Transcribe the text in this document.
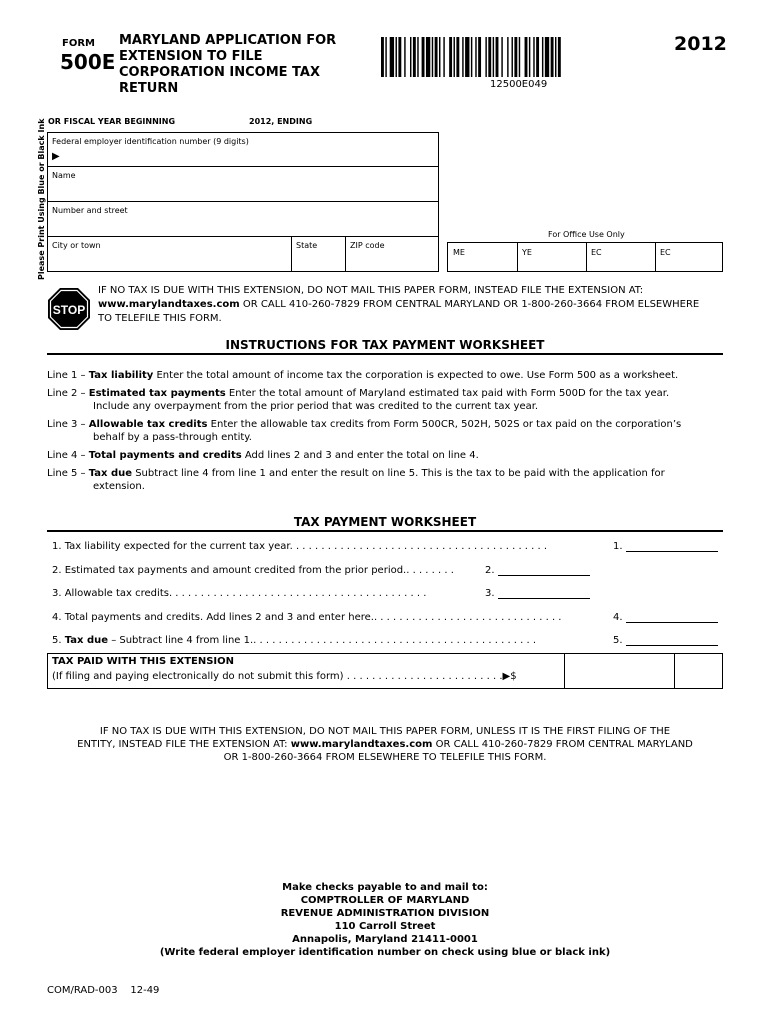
FORM
500E
MARYLAND APPLICATION FOR
EXTENSION TO FILE
CORPORATION INCOME TAX
RETURN	12500E049
2012
OR FISCAL YEAR BEGINNING	2012, ENDING
Please Print Using Blue or Black Ink Federal employer identification number (9 digits)
▶
Name
Number and street
City or town	State	ZIP code
For Office Use Only
ME	YE	EC	EC
STOP
IF NO TAX IS DUE WITH THIS EXTENSION, DO NOT MAIL THIS PAPER FORM, INSTEAD FILE THE EXTENSION AT:
www.marylandtaxes.com OR CALL 410-260-7829 FROM CENTRAL MARYLAND OR 1-800-260-3664 FROM ELSEWHERE
TO TELEFILE THIS FORM.
INSTRUCTIONS FOR TAX PAYMENT WORKSHEET
Line 1 – Tax liability Enter the total amount of income tax the corporation is expected to owe. Use Form 500 as a worksheet.
Line 2 – Estimated tax payments Enter the total amount of Maryland estimated tax paid with Form 500D for the tax year.
Include any overpayment from the prior period that was credited to the current tax year.
Line 3 – Allowable tax credits Enter the allowable tax credits from Form 500CR, 502H, 502S or tax paid on the corporation’s
behalf by a pass-through entity.
Line 4 – Total payments and credits Add lines 2 and 3 and enter the total on line 4.
Line 5 – Tax due Subtract line 4 from line 1 and enter the result on line 5. This is the tax to be paid with the application for
extension.
TAX PAYMENT WORKSHEET
1. Tax liability expected for the current tax year. . . . . . . . . . . . . . . . . . . . . . . . . . . . . . . . . . . . . . . . .	1.
2. Estimated tax payments and amount credited from the prior period.. . . . . . . .	2.
3. Allowable tax credits. . . . . . . . . . . . . . . . . . . . . . . . . . . . . . . . . . . . . . . . .	3.
4. Total payments and credits. Add lines 2 and 3 and enter here.. . . . . . . . . . . . . . . . . . . . . . . . . . . . . .	4.
5. Tax due – Subtract line 4 from line 1.. . . . . . . . . . . . . . . . . . . . . . . . . . . . . . . . . . . . . . . . . . . . .	5.
TAX PAID WITH THIS EXTENSION
(If filing and paying electronically do not submit this form) . . . . . . . . . . . . . . . . . . . . . . . . .▶$
IF NO TAX IS DUE WITH THIS EXTENSION, DO NOT MAIL THIS PAPER FORM, UNLESS IT IS THE FIRST FILING OF THE
ENTITY, INSTEAD FILE THE EXTENSION AT: www.marylandtaxes.com OR CALL 410-260-7829 FROM CENTRAL MARYLAND
OR 1-800-260-3664 FROM ELSEWHERE TO TELEFILE THIS FORM.
Make checks payable to and mail to:
COMPTROLLER OF MARYLAND
REVENUE ADMINISTRATION DIVISION
110 Carroll Street
Annapolis, Maryland 21411-0001
(Write federal employer identification number on check using blue or black ink)
COM/RAD-003 12-49
